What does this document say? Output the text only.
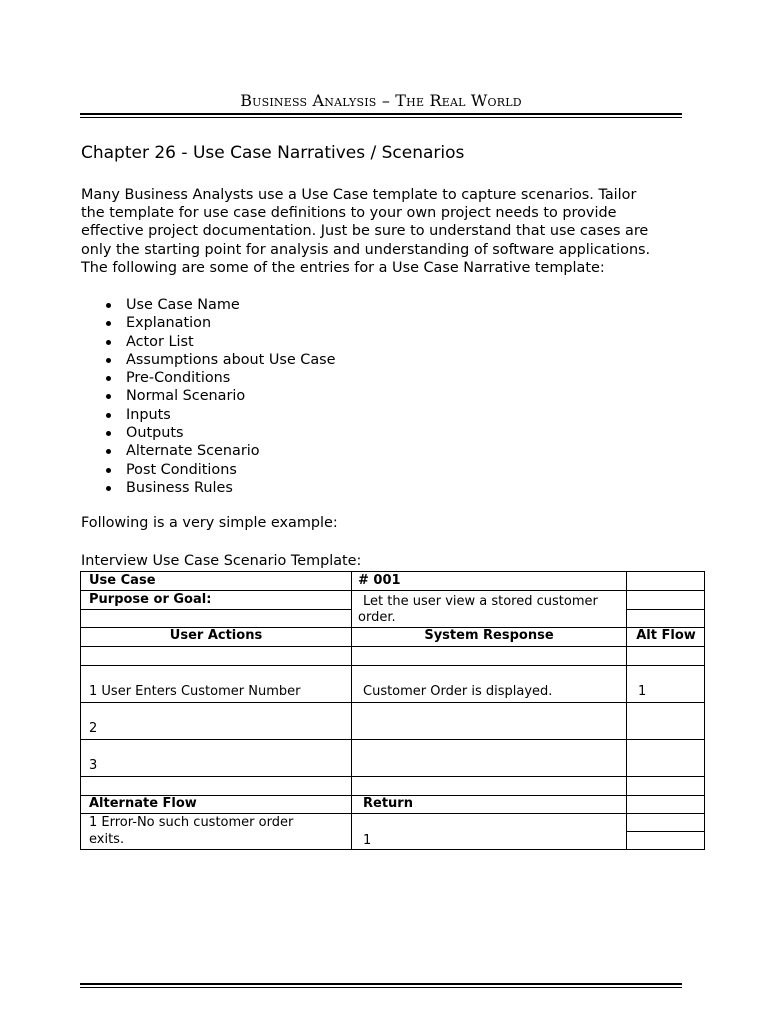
Business Analysis – The Real World
Chapter 26 - Use Case Narratives / Scenarios

Many Business Analysts use a Use Case template to capture scenarios. Tailor
the template for use case definitions to your own project needs to provide
effective project documentation. Just be sure to understand that use cases are
only the starting point for analysis and understanding of software applications.
The following are some of the entries for a Use Case Narrative template:

Use Case Name
Explanation
Actor List
Assumptions about Use Case
Pre-Conditions
Normal Scenario
Inputs
Outputs
Alternate Scenario
Post Conditions
Business Rules

Following is a very simple example:

Interview Use Case Scenario Template:

Use Case	# 001
Purpose or Goal:	Let the user view a stored customer
order.
User Actions	System Response	Alt Flow
1 User Enters Customer Number	Customer Order is displayed.	1
2
3
Alternate Flow	Return
1 Error-No such customer order
exits.	1
